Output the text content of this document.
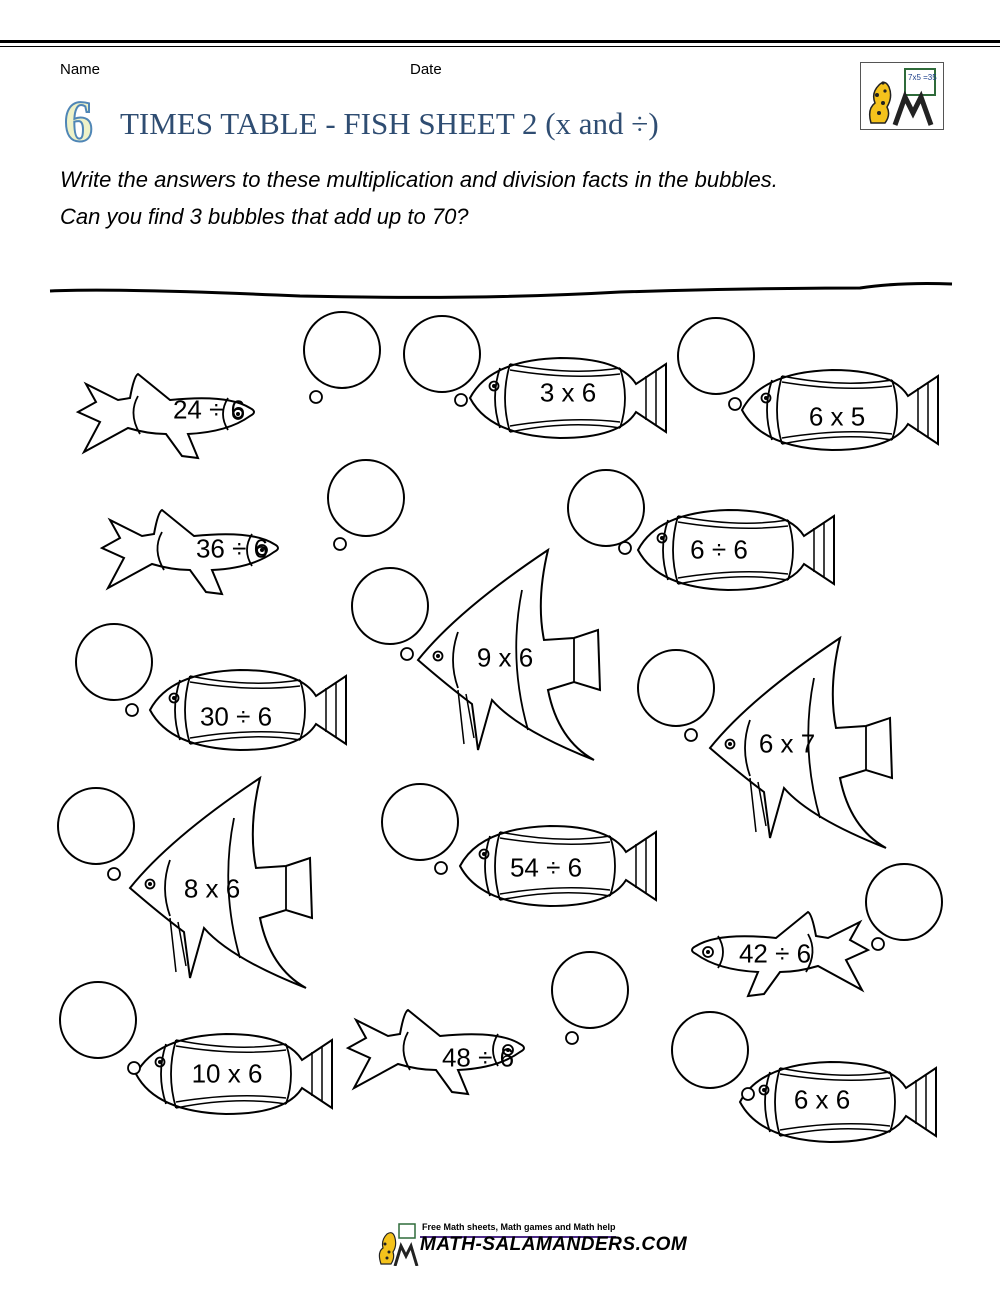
Name	Date
6 TIMES TABLE - FISH SHEET 2 (x and ÷)
7x5 =35
Write the answers to these multiplication and division facts in the bubbles.
Can you find 3 bubbles that add up to 70?
24 ÷ 6
3 x 6
6 x 5
36 ÷ 6	6 ÷ 6
9 x 6
30 ÷ 6
6 x 7
8 x 6
54 ÷ 6
42 ÷ 6
10 x 6
48 ÷ 6
6 x 6
Free Math sheets, Math games and Math help
MATH-SALAMANDERS.COM
